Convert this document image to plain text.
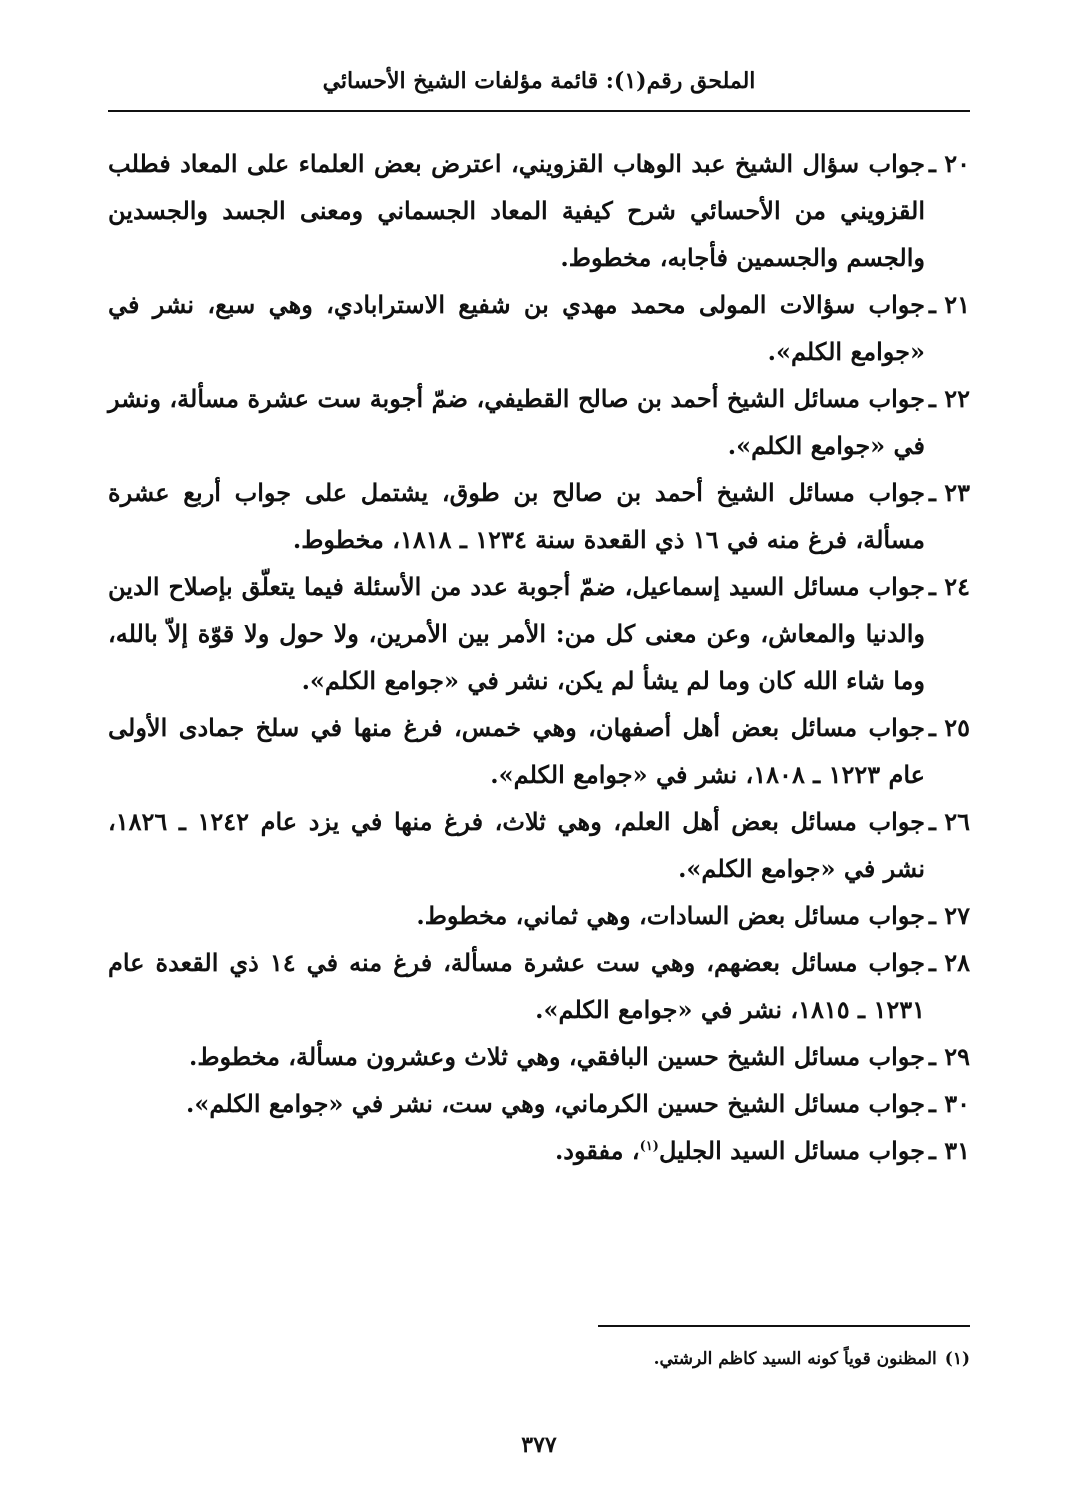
الملحق رقم(١): قائمة مؤلفات الشيخ الأحسائي
٢٠ ـ
جواب سؤال الشيخ عبد الوهاب القزويني، اعترض بعض العلماء على المعاد فطلب القزويني من الأحسائي شرح كيفية المعاد الجسماني ومعنى الجسد والجسدين والجسم والجسمين فأجابه، مخطوط.
٢١ ـ
جواب سؤالات المولى محمد مهدي بن شفيع الاسترابادي، وهي سبع، نشر في «جوامع الكلم».
٢٢ ـ
جواب مسائل الشيخ أحمد بن صالح القطيفي، ضمّ أجوبة ست عشرة مسألة، ونشر في «جوامع الكلم».
٢٣ ـ
جواب مسائل الشيخ أحمد بن صالح بن طوق، يشتمل على جواب أربع عشرة مسألة، فرغ منه في ١٦ ذي القعدة سنة ١٢٣٤ ـ ١٨١٨، مخطوط.
٢٤ ـ
جواب مسائل السيد إسماعيل، ضمّ أجوبة عدد من الأسئلة فيما يتعلّق بإصلاح الدين والدنيا والمعاش، وعن معنى كل من: الأمر بين الأمرين، ولا حول ولا قوّة إلاّ بالله، وما شاء الله كان وما لم يشأ لم يكن، نشر في «جوامع الكلم».
٢٥ ـ
جواب مسائل بعض أهل أصفهان، وهي خمس، فرغ منها في سلخ جمادى الأولى عام ١٢٢٣ ـ ١٨٠٨، نشر في «جوامع الكلم».
٢٦ ـ
جواب مسائل بعض أهل العلم، وهي ثلاث، فرغ منها في يزد عام ١٢٤٢ ـ ١٨٢٦، نشر في «جوامع الكلم».
٢٧ ـ
جواب مسائل بعض السادات، وهي ثماني، مخطوط.
٢٨ ـ
جواب مسائل بعضهم، وهي ست عشرة مسألة، فرغ منه في ١٤ ذي القعدة عام ١٢٣١ ـ ١٨١٥، نشر في «جوامع الكلم».
٢٩ ـ
جواب مسائل الشيخ حسين البافقي، وهي ثلاث وعشرون مسألة، مخطوط.
٣٠ ـ
جواب مسائل الشيخ حسين الكرماني، وهي ست، نشر في «جوامع الكلم».
٣١ ـ
جواب مسائل السيد الجليل$^{(١)}$، مفقود.
(١)المظنون قوياً كونه السيد كاظم الرشتي.
٣٧٧
